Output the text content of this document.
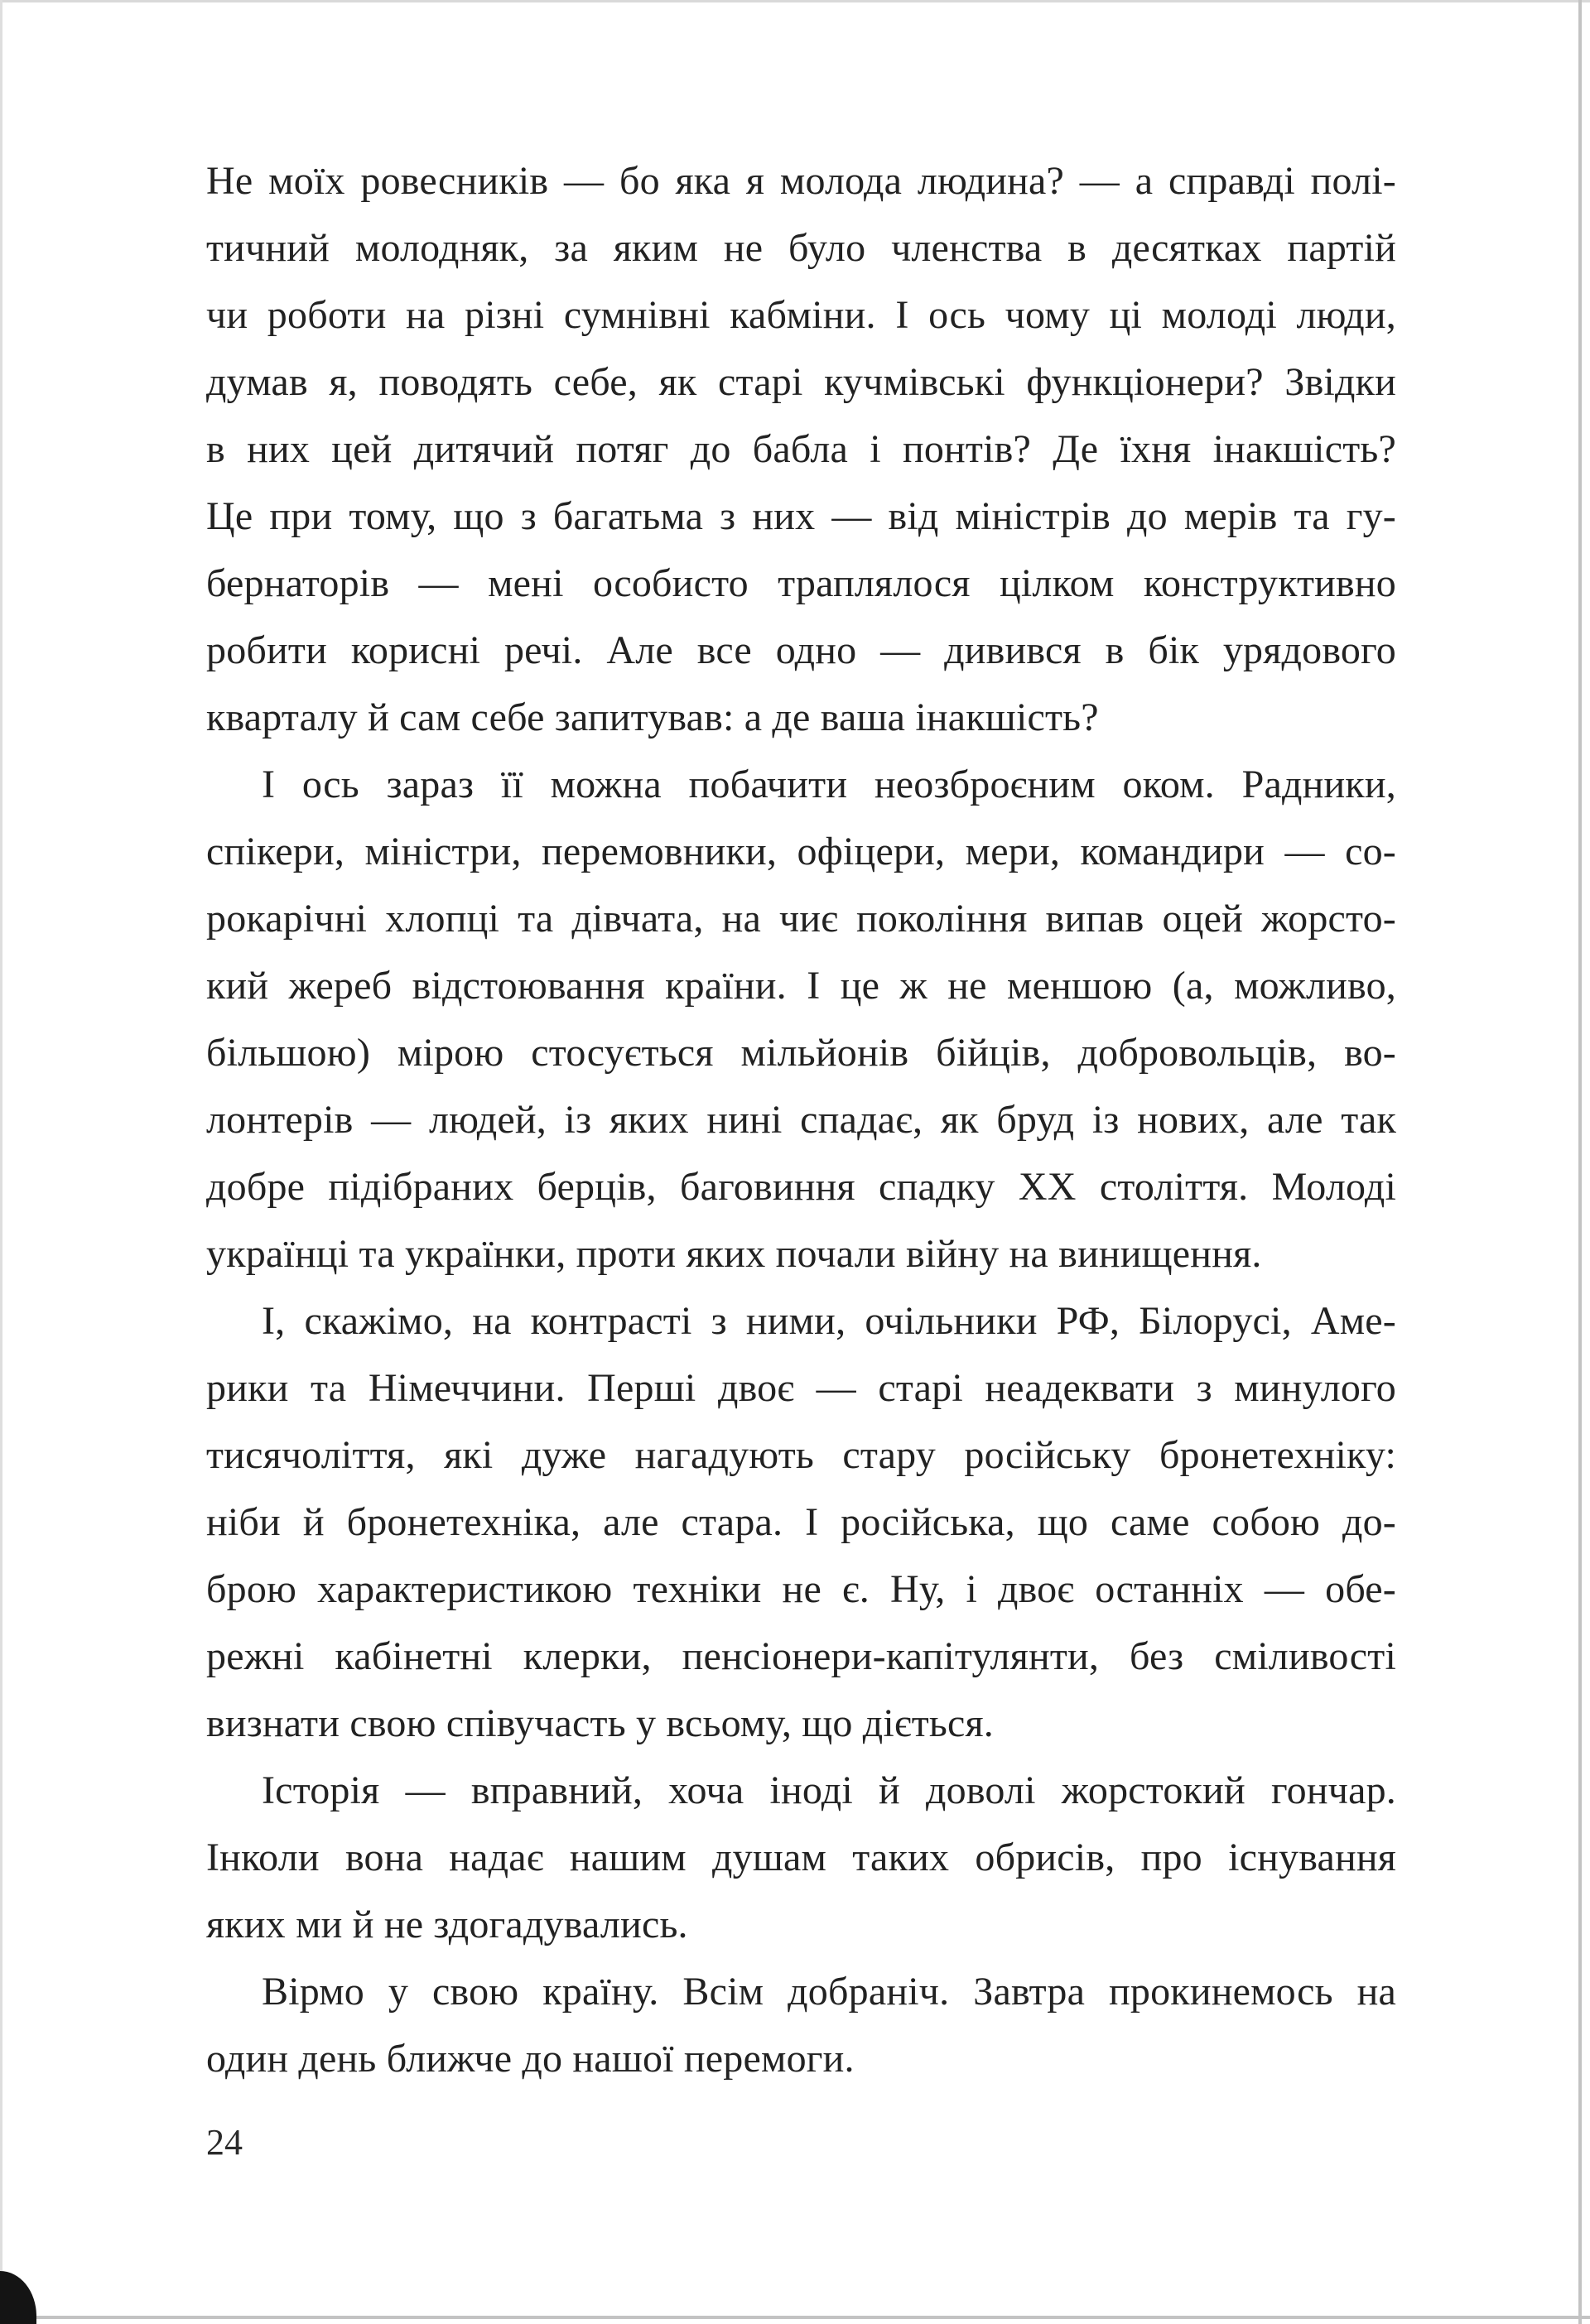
Не моїх ровесників — бо яка я молода людина? — а справді полі-
тичний молодняк, за яким не було членства в десятках партій
чи роботи на різні сумнівні кабміни. І ось чому ці молоді люди,
думав я, поводять себе, як старі кучмівські функціонери? Звідки
в них цей дитячий потяг до бабла і понтів? Де їхня інакшість?
Це при тому, що з багатьма з них — від міністрів до мерів та гу-
бернаторів — мені особисто траплялося цілком конструктивно
робити корисні речі. Але все одно — дивився в бік урядового
кварталу й сам себе запитував: а де ваша інакшість?
І ось зараз її можна побачити неозброєним оком. Радники,
спікери, міністри, перемовники, офіцери, мери, командири — со-
рокарічні хлопці та дівчата, на чиє покоління випав оцей жорсто-
кий жереб відстоювання країни. І це ж не меншою (а, можливо,
більшою) мірою стосується мільйонів бійців, добровольців, во-
лонтерів — людей, із яких нині спадає, як бруд із нових, але так
добре підібраних берців, баговиння спадку XX століття. Молоді
українці та українки, проти яких почали війну на винищення.
І, скажімо, на контрасті з ними, очільники РФ, Білорусі, Аме-
рики та Німеччини. Перші двоє — старі неадеквати з минулого
тисячоліття, які дуже нагадують стару російську бронетехніку:
ніби й бронетехніка, але стара. І російська, що саме собою до-
брою характеристикою техніки не є. Ну, і двоє останніх — обе-
режні кабінетні клерки, пенсіонери-капітулянти, без сміливості
визнати свою співучасть у всьому, що діється.
Історія — вправний, хоча іноді й доволі жорстокий гончар.
Інколи вона надає нашим душам таких обрисів, про існування
яких ми й не здогадувались.
Вірмо у свою країну. Всім добраніч. Завтра прокинемось на
один день ближче до нашої перемоги.
24
